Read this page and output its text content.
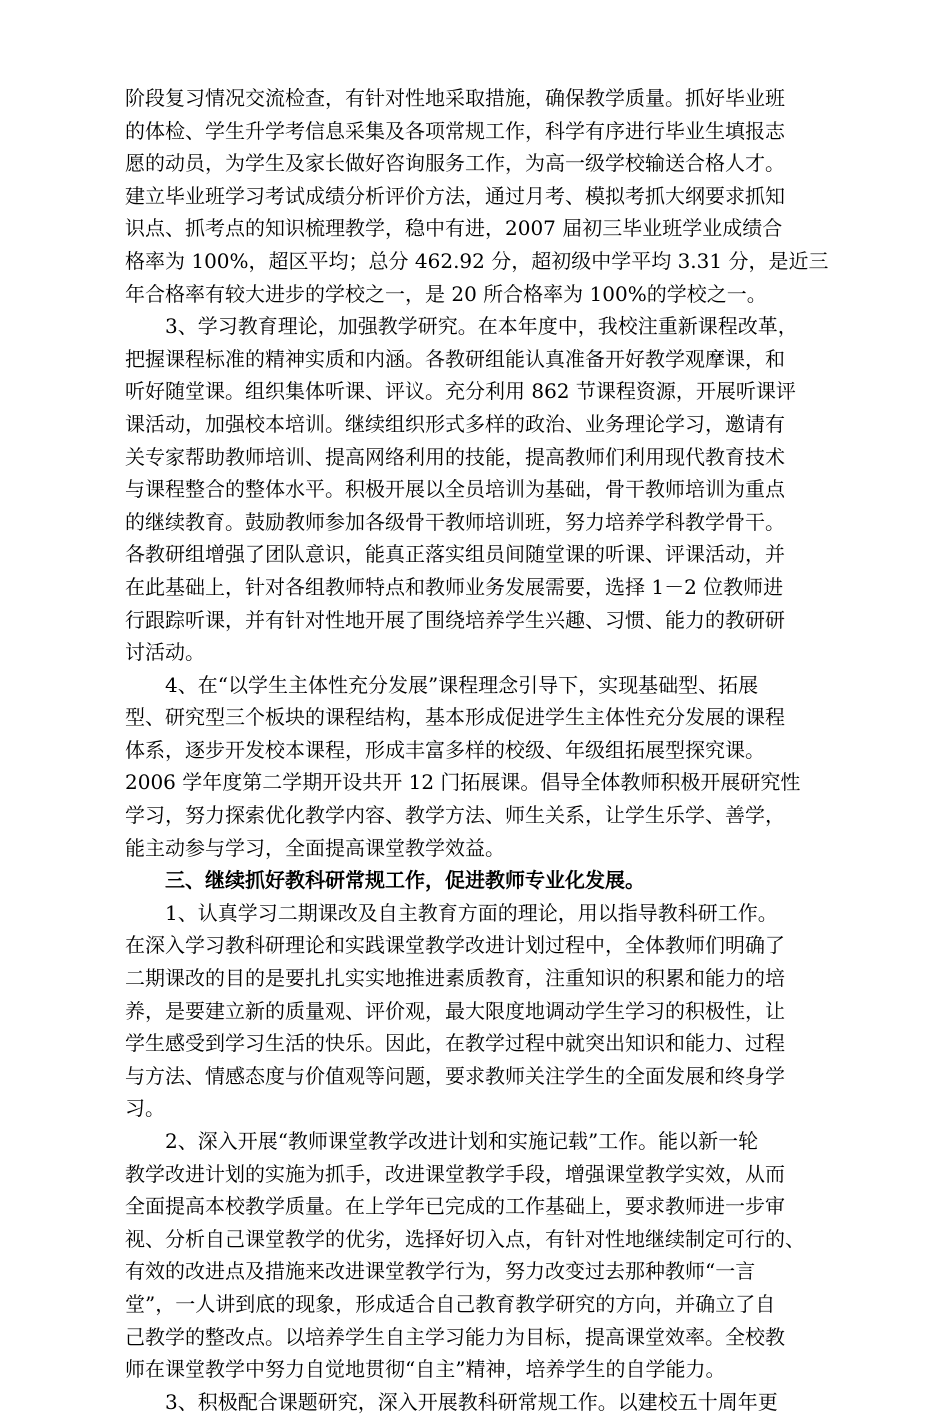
阶段复习情况交流检查，有针对性地采取措施，确保教学质量。抓好毕业班
的体检、学生升学考信息采集及各项常规工作，科学有序进行毕业生填报志
愿的动员，为学生及家长做好咨询服务工作，为高一级学校输送合格人才。
建立毕业班学习考试成绩分析评价方法，通过月考、模拟考抓大纲要求抓知
识点、抓考点的知识梳理教学，稳中有进，2007 届初三毕业班学业成绩合
格率为 100%，超区平均；总分 462.92 分，超初级中学平均 3.31 分，是近三
年合格率有较大进步的学校之一，是 20 所合格率为 100%的学校之一。
3、学习教育理论，加强教学研究。在本年度中，我校注重新课程改革，
把握课程标准的精神实质和内涵。各教研组能认真准备开好教学观摩课，和
听好随堂课。组织集体听课、评议。充分利用 862 节课程资源，开展听课评
课活动，加强校本培训。继续组织形式多样的政治、业务理论学习，邀请有
关专家帮助教师培训、提高网络利用的技能，提高教师们利用现代教育技术
与课程整合的整体水平。积极开展以全员培训为基础，骨干教师培训为重点
的继续教育。鼓励教师参加各级骨干教师培训班，努力培养学科教学骨干。
各教研组增强了团队意识，能真正落实组员间随堂课的听课、评课活动，并
在此基础上，针对各组教师特点和教师业务发展需要，选择 1－2 位教师进
行跟踪听课，并有针对性地开展了围绕培养学生兴趣、习惯、能力的教研研
讨活动。
4、在“以学生主体性充分发展”课程理念引导下，实现基础型、拓展
型、研究型三个板块的课程结构，基本形成促进学生主体性充分发展的课程
体系，逐步开发校本课程，形成丰富多样的校级、年级组拓展型探究课。
2006 学年度第二学期开设共开 12 门拓展课。倡导全体教师积极开展研究性
学习，努力探索优化教学内容、教学方法、师生关系，让学生乐学、善学，
能主动参与学习，全面提高课堂教学效益。
三、继续抓好教科研常规工作，促进教师专业化发展。
1、认真学习二期课改及自主教育方面的理论，用以指导教科研工作。
在深入学习教科研理论和实践课堂教学改进计划过程中，全体教师们明确了
二期课改的目的是要扎扎实实地推进素质教育，注重知识的积累和能力的培
养，是要建立新的质量观、评价观，最大限度地调动学生学习的积极性，让
学生感受到学习生活的快乐。因此，在教学过程中就突出知识和能力、过程
与方法、情感态度与价值观等问题，要求教师关注学生的全面发展和终身学
习。
2、深入开展“教师课堂教学改进计划和实施记载”工作。能以新一轮
教学改进计划的实施为抓手，改进课堂教学手段，增强课堂教学实效，从而
全面提高本校教学质量。在上学年已完成的工作基础上，要求教师进一步审
视、分析自己课堂教学的优劣，选择好切入点，有针对性地继续制定可行的、
有效的改进点及措施来改进课堂教学行为，努力改变过去那种教师“一言
堂”，一人讲到底的现象，形成适合自己教育教学研究的方向，并确立了自
己教学的整改点。以培养学生自主学习能力为目标，提高课堂效率。全校教
师在课堂教学中努力自觉地贯彻“自主”精神，培养学生的自学能力。
3、积极配合课题研究，深入开展教科研常规工作。以建校五十周年更
